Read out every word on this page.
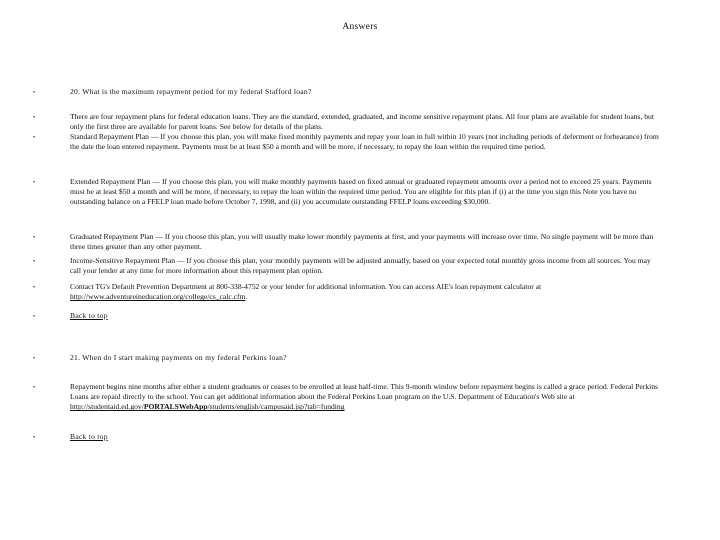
Answers
•	20. What is the maximum repayment period for my federal Stafford loan?
•	There are four repayment plans for federal education loans. They are the standard, extended, graduated, and income sensitive repayment plans. All four plans are available for student loans, but only the first three are available for parent loans. See below for details of the plans.
•	Standard Repayment Plan — If you choose this plan, you will make fixed monthly payments and repay your loan in full within 10 years (not including periods of deferment or forbearance) from the date the loan entered repayment. Payments must be at least $50 a month and will be more, if necessary, to repay the loan within the required time period.
•	Extended Repayment Plan — If you choose this plan, you will make monthly payments based on fixed annual or graduated repayment amounts over a period not to exceed 25 years. Payments must be at least $50 a month and will be more, if necessary, to repay the loan within the required time period. You are eligible for this plan if (i) at the time you sign this Note you have no outstanding balance on a FFELP loan made before October 7, 1998, and (ii) you accumulate outstanding FFELP loans exceeding $30,000.
•	Graduated Repayment Plan — If you choose this plan, you will usually make lower monthly payments at first, and your payments will increase over time. No single payment will be more than three times greater than any other payment.
•	Income-Sensitive Repayment Plan — If you choose this plan, your monthly payments will be adjusted annually, based on your expected total monthly gross income from all sources. You may call your lender at any time for more information about this repayment plan option.
•	Contact TG's Default Prevention Department at 800-338-4752 or your lender for additional information. You can access AIE's loan repayment calculator at http://www.adventureineducation.org/college/cs_calc.cfm.
•	Back to top
•	21. When do I start making payments on my federal Perkins loan?
•	Repayment begins nine months after either a student graduates or ceases to be enrolled at least half-time. This 9-month window before repayment begins is called a grace period. Federal Perkins Loans are repaid directly to the school. You can get additional information about the Federal Perkins Loan program on the U.S. Department of Education's Web site at
http://studentaid.ed.gov/PORTALSWebApp/students/english/campusaid.jsp?tab=funding
•	Back to top
